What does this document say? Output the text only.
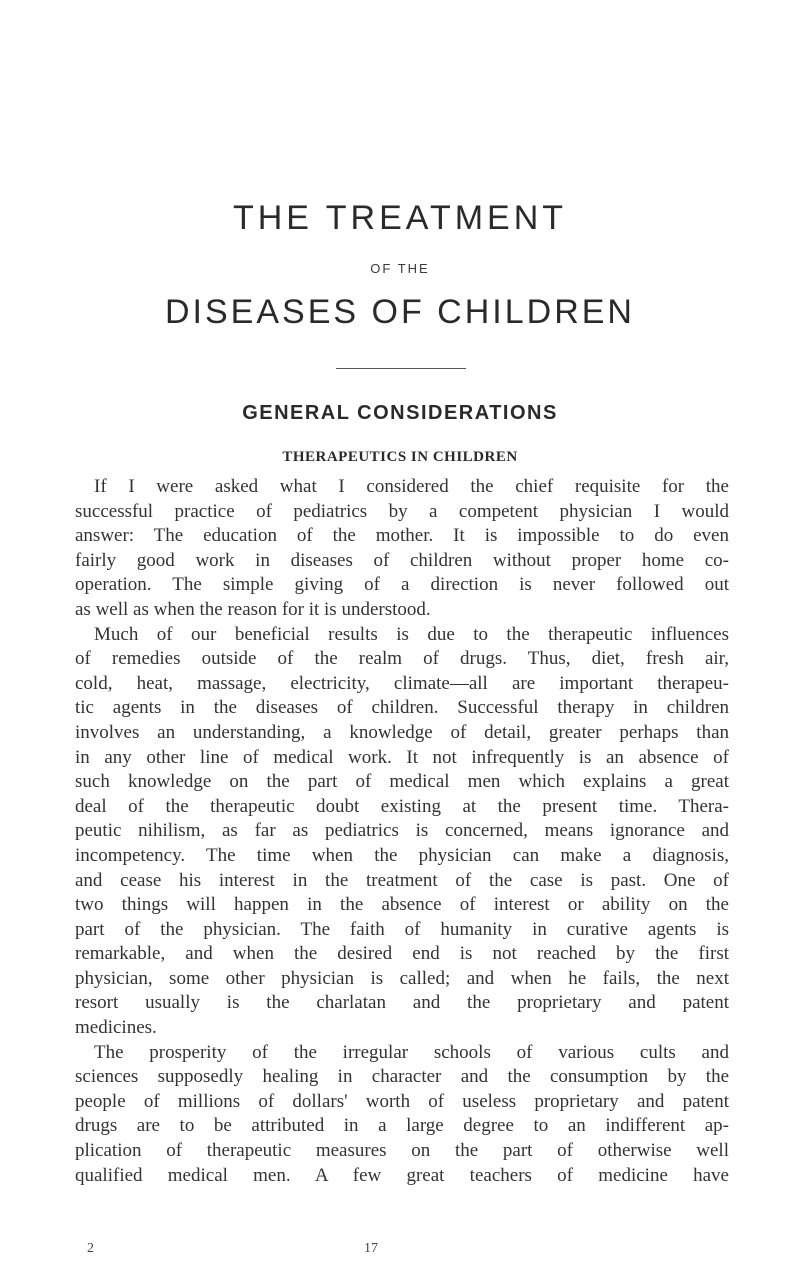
THE TREATMENT
OF THE
DISEASES OF CHILDREN
GENERAL CONSIDERATIONS
THERAPEUTICS IN CHILDREN
If I were asked what I considered the chief requisite for the
successful practice of pediatrics by a competent physician I would
answer: The education of the mother. It is impossible to do even
fairly good work in diseases of children without proper home co-
operation. The simple giving of a direction is never followed out
as well as when the reason for it is understood.
Much of our beneficial results is due to the therapeutic influences
of remedies outside of the realm of drugs. Thus, diet, fresh air,
cold, heat, massage, electricity, climate—all are important therapeu-
tic agents in the diseases of children. Successful therapy in children
involves an understanding, a knowledge of detail, greater perhaps than
in any other line of medical work. It not infrequently is an absence of
such knowledge on the part of medical men which explains a great
deal of the therapeutic doubt existing at the present time. Thera-
peutic nihilism, as far as pediatrics is concerned, means ignorance and
incompetency. The time when the physician can make a diagnosis,
and cease his interest in the treatment of the case is past. One of
two things will happen in the absence of interest or ability on the
part of the physician. The faith of humanity in curative agents is
remarkable, and when the desired end is not reached by the first
physician, some other physician is called; and when he fails, the next
resort usually is the charlatan and the proprietary and patent
medicines.
The prosperity of the irregular schools of various cults and
sciences supposedly healing in character and the consumption by the
people of millions of dollars' worth of useless proprietary and patent
drugs are to be attributed in a large degree to an indifferent ap-
plication of therapeutic measures on the part of otherwise well
qualified medical men. A few great teachers of medicine have
2	17
